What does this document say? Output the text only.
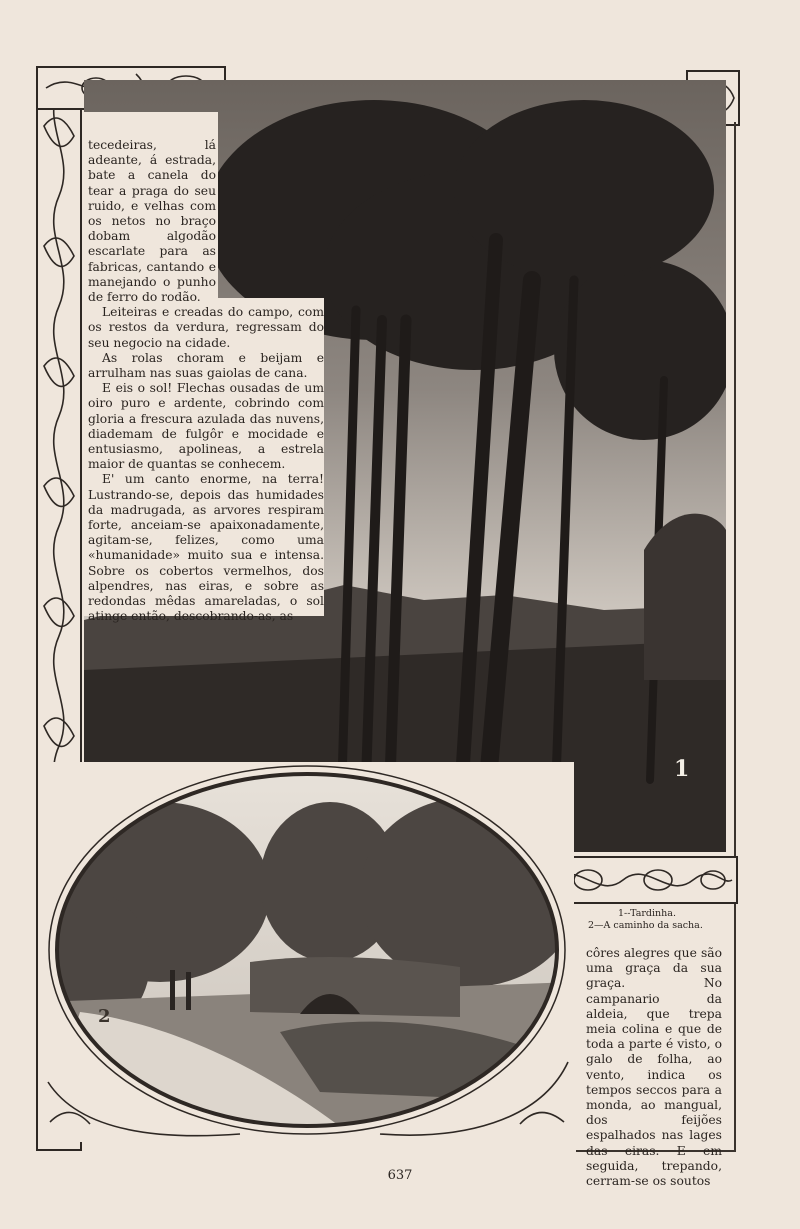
1

tecedeiras, lá adeante, á estrada, bate a canela do tear a praga do seu ruido, e velhas com os netos no braço dobam algodão escarlate para as fabricas, cantando e manejando o punho de ferro do rodão.

Leiteiras e creadas do campo, com os restos da verdura, regressam do seu negocio na cidade.

As rolas choram e beijam e arrulham nas suas gaiolas de cana.

E eis o sol! Flechas ousadas de um oiro puro e ardente, cobrindo com gloria a frescura azulada das nuvens, diademam de fulgôr e mocidade e entusiasmo, apolineas, a estrela maior de quantas se conhecem.

E' um canto enorme, na terra! Lustrando-se, depois das humidades da madrugada, as arvores respiram forte, anceiam-se apaixonadamente, agitam-se, felizes, como uma «humanidade» muito sua e intensa. Sobre os cobertos vermelhos, dos alpendres, nas eiras, e sobre as redondas mêdas amareladas, o sol atinge então, descobrando-as, as

2
1--Tardinha.
2—A caminho da sacha.
côres alegres que são uma graça da sua graça. No campanario da aldeia, que trepa meia colina e que de toda a parte é visto, o galo de folha, ao vento, indica os tempos seccos para a monda, ao mangual, dos feijões espalhados nas lages das eiras. E em seguida, trepando, cerram-se os soutos
637
